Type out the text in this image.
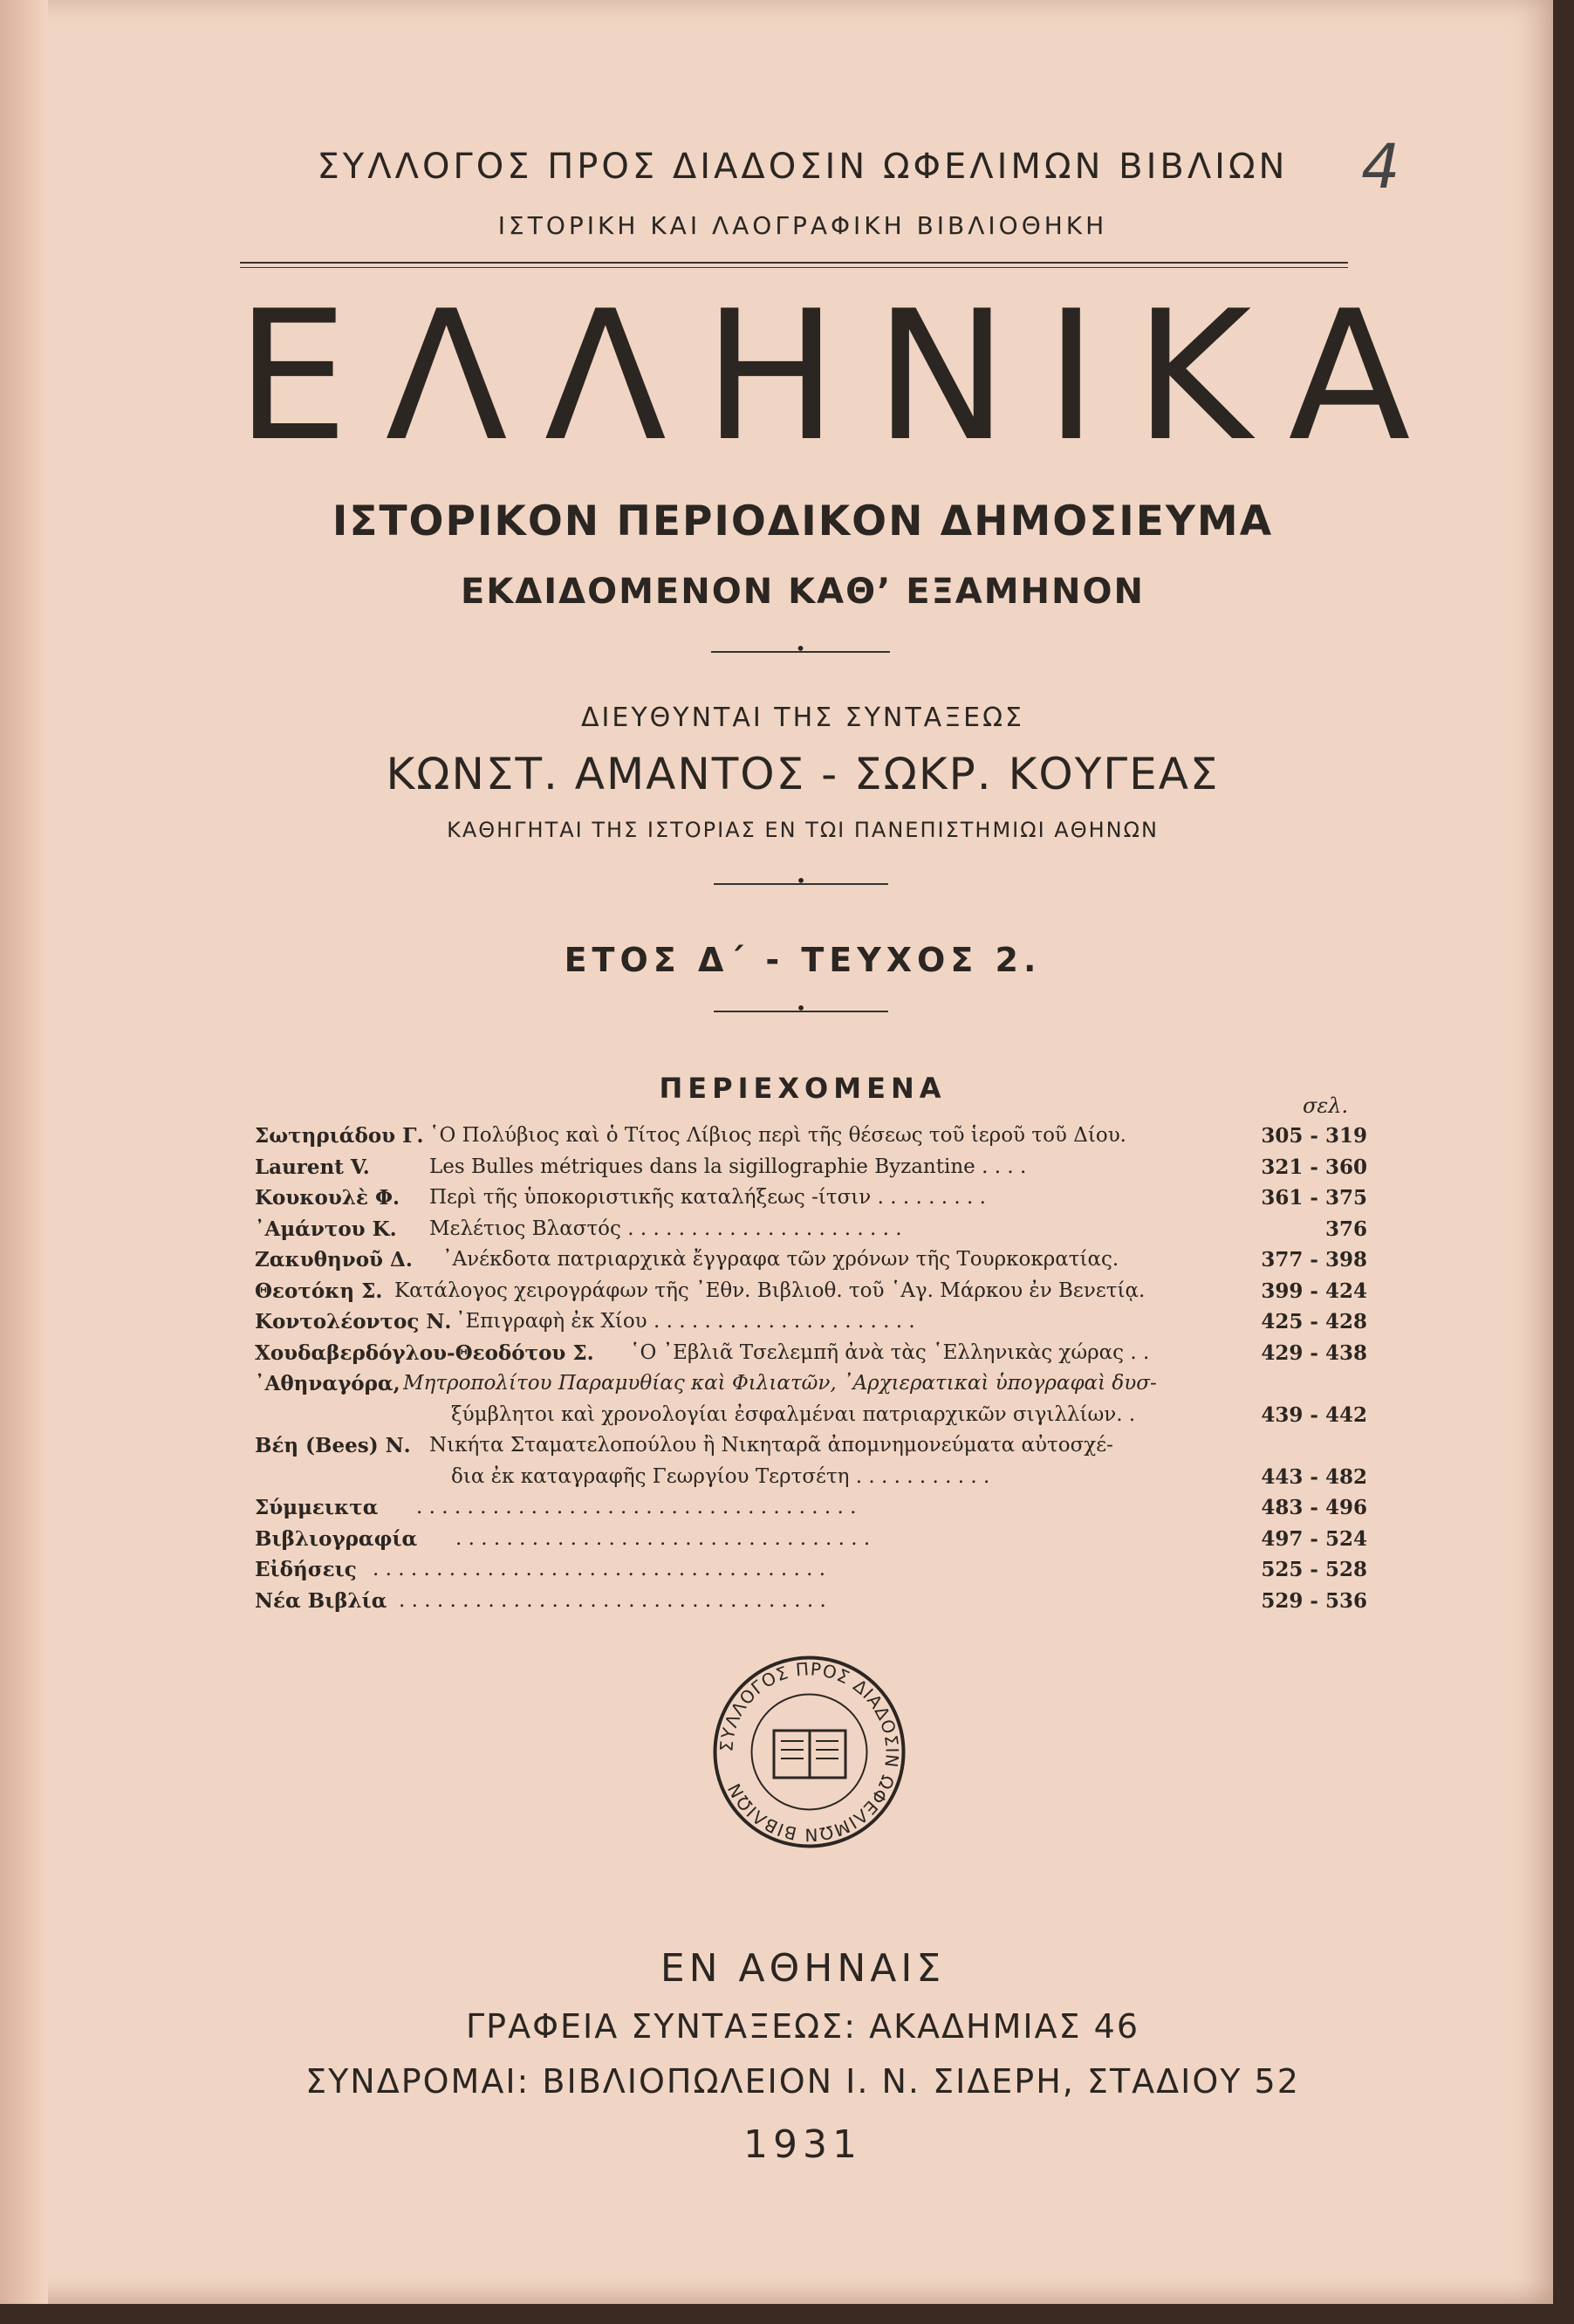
ΣΥΛΛΟΓΟΣ ΠΡΟΣ ΔΙΑΔΟΣΙΝ ΩΦΕΛΙΜΩΝ ΒΙΒΛΙΩΝ
ΙΣΤΟΡΙΚΗ ΚΑΙ ΛΑΟΓΡΑΦΙΚΗ ΒΙΒΛΙΟΘΗΚΗ
4
ΕΛΛΗΝΙΚΑ
ΙΣΤΟΡΙΚΟΝ ΠΕΡΙΟΔΙΚΟΝ ΔΗΜΟΣΙΕΥΜΑ
ΕΚΔΙΔΟΜΕΝΟΝ ΚΑΘ’ ΕΞΑΜΗΝΟΝ
•
ΔΙΕΥΘΥΝΤΑΙ ΤΗΣ ΣΥΝΤΑΞΕΩΣ
ΚΩΝΣΤ. ΑΜΑΝΤΟΣ - ΣΩΚΡ. ΚΟΥΓΕΑΣ
ΚΑΘΗΓΗΤΑΙ ΤΗΣ ΙΣΤΟΡΙΑΣ ΕΝ ΤΩΙ ΠΑΝΕΠΙΣΤΗΜΙΩΙ ΑΘΗΝΩΝ
•
ΕΤΟΣ Δ΄ - ΤΕΥΧΟΣ 2.
•
ΠΕΡΙΕΧΟΜΕΝΑ
σελ.
Σωτηριάδου Γ. ῾Ο Πολύβιος καὶ ὁ Τίτος Λίβιος περὶ τῆς θέσεως τοῦ ἱεροῦ τοῦ Δίου.	305 - 319
Laurent V.	Les Bulles métriques dans la sigillographie Byzantine . . . .	321 - 360
Κουκουλὲ Φ. Περὶ τῆς ὑποκοριστικῆς καταλήξεως -ίτσιν . . . . . . . . .	361 - 375
᾿Αμάντου Κ. Μελέτιος Βλαστός . . . . . . . . . . . . . . . . . . . . . .	376
Ζακυθηνοῦ Δ. ᾿Ανέκδοτα πατριαρχικὰ ἔγγραφα τῶν χρόνων τῆς Τουρκοκρατίας.	377 - 398
Θεοτόκη Σ. Κατάλογος χειρογράφων τῆς ᾿Εθν. Βιβλιοθ. τοῦ ῾Αγ. Μάρκου ἐν Βενετίᾳ.	399 - 424
Κοντολέοντος Ν. ᾿Επιγραφὴ ἐκ Χίου . . . . . . . . . . . . . . . . . . . . .	425 - 428
Χουδαβερδόγλου-Θεοδότου Σ. ῾Ο ᾿Εβλιᾶ Τσελεμπῆ ἀνὰ τὰς ῾Ελληνικὰς χώρας . .	429 - 438
᾿Αθηναγόρα, Μητροπολίτου Παραμυθίας καὶ Φιλιατῶν, ᾿Αρχιερατικαὶ ὑπογραφαὶ δυσ-
ξύμβλητοι καὶ χρονολογίαι ἐσφαλμέναι πατριαρχικῶν σιγιλλίων. .	439 - 442
Βέη (Bees) Ν. Νικήτα Σταματελοπούλου ἢ Νικηταρᾶ ἀπομνημονεύματα αὐτοσχέ-
δια ἐκ καταγραφῆς Γεωργίου Τερτσέτη . . . . . . . . . . .	443 - 482
Σύμμεικτα . . . . . . . . . . . . . . . . . . . . . . . . . . . . . . . . . . .	483 - 496
Βιβλιογραφία . . . . . . . . . . . . . . . . . . . . . . . . . . . . . . . . .	497 - 524
Εἰδήσεις . . . . . . . . . . . . . . . . . . . . . . . . . . . . . . . . . . . .	525 - 528
Νέα Βιβλία . . . . . . . . . . . . . . . . . . . . . . . . . . . . . . . . . .	529 - 536
ΣΥΛΛΟΓΟΣ ΠΡΟΣ ΔΙΑΔΟΣΙΝ ΩΦΕΛΙΜΩΝ ΒΙΒΛΙΩΝ
ΕΝ ΑΘΗΝΑΙΣ
ΓΡΑΦΕΙΑ ΣΥΝΤΑΞΕΩΣ: ΑΚΑΔΗΜΙΑΣ 46
ΣΥΝΔΡΟΜΑΙ: ΒΙΒΛΙΟΠΩΛΕΙΟΝ Ι. Ν. ΣΙΔΕΡΗ, ΣΤΑΔΙΟΥ 52
1931
